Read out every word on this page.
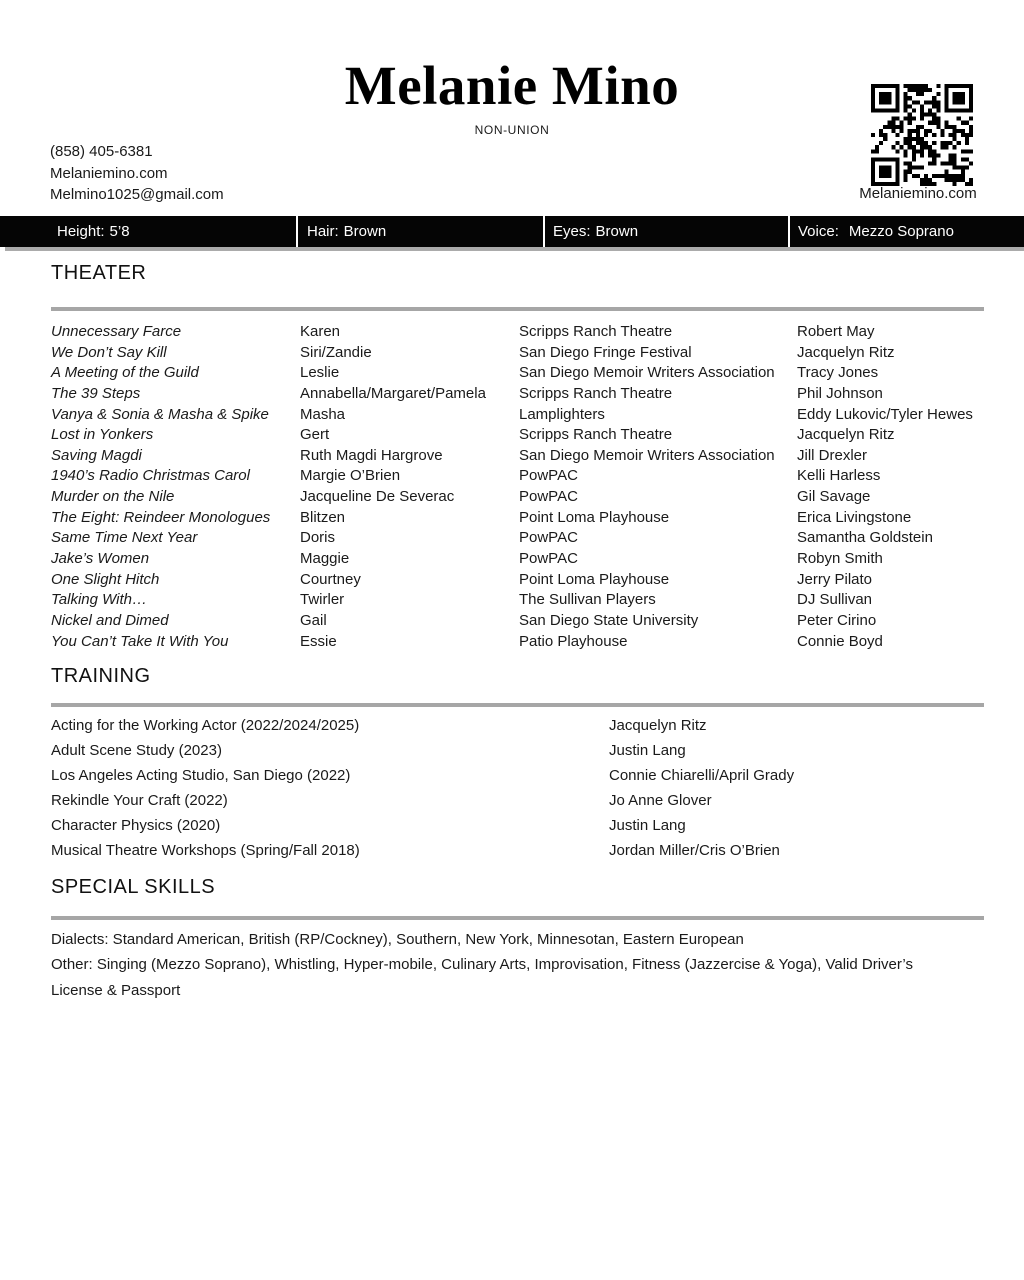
Melanie Mino
NON-UNION
(858) 405-6381
Melaniemino.com
Melmino1025@gmail.com	Melaniemino.com
Height: 5’8	Hair: Brown	Eyes: Brown	Voice: Mezzo Soprano
THEATER
Unnecessary Farce	Karen	Scripps Ranch Theatre	Robert May
We Don’t Say Kill	Siri/Zandie	San Diego Fringe Festival	Jacquelyn Ritz
A Meeting of the Guild	Leslie	San Diego Memoir Writers Association	Tracy Jones
The 39 Steps	Annabella/Margaret/Pamela	Scripps Ranch Theatre	Phil Johnson
Vanya & Sonia & Masha & Spike	Masha	Lamplighters	Eddy Lukovic/Tyler Hewes
Lost in Yonkers	Gert	Scripps Ranch Theatre	Jacquelyn Ritz
Saving Magdi	Ruth Magdi Hargrove	San Diego Memoir Writers Association	Jill Drexler
1940’s Radio Christmas Carol	Margie O’Brien	PowPAC	Kelli Harless
Murder on the Nile	Jacqueline De Severac	PowPAC	Gil Savage
The Eight: Reindeer Monologues	Blitzen	Point Loma Playhouse	Erica Livingstone
Same Time Next Year	Doris	PowPAC	Samantha Goldstein
Jake’s Women	Maggie	PowPAC	Robyn Smith
One Slight Hitch	Courtney	Point Loma Playhouse	Jerry Pilato
Talking With…	Twirler	The Sullivan Players	DJ Sullivan
Nickel and Dimed	Gail	San Diego State University	Peter Cirino
You Can’t Take It With You	Essie	Patio Playhouse	Connie Boyd
TRAINING
Acting for the Working Actor (2022/2024/2025)	Jacquelyn Ritz
Adult Scene Study (2023)	Justin Lang
Los Angeles Acting Studio, San Diego (2022)	Connie Chiarelli/April Grady
Rekindle Your Craft (2022)	Jo Anne Glover
Character Physics (2020)	Justin Lang
Musical Theatre Workshops (Spring/Fall 2018)	Jordan Miller/Cris O’Brien
SPECIAL SKILLS
Dialects: Standard American, British (RP/Cockney), Southern, New York, Minnesotan, Eastern European
Other: Singing (Mezzo Soprano), Whistling, Hyper-mobile, Culinary Arts, Improvisation, Fitness (Jazzercise & Yoga), Valid Driver’s
License & Passport
